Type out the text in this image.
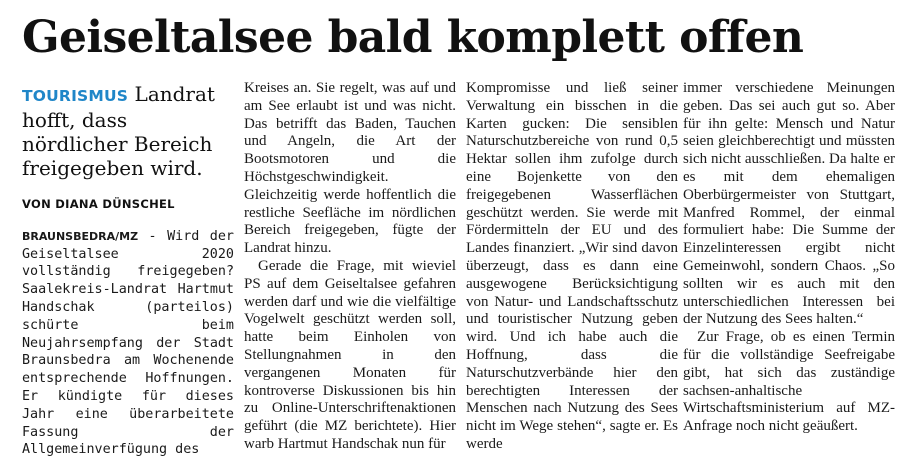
Geiseltalsee bald komplett offen
TOURISMUS Landrat hofft, dass nördlicher Bereich freigegeben wird.
VON DIANA DÜNSCHEL

BRAUNSBEDRA/MZ - Wird der Geiseltalsee 2020 vollständig freigegeben? Saalekreis-Landrat Hartmut Handschak (parteilos) schürte beim Neujahrsempfang der Stadt Braunsbedra am Wochenende entsprechende Hoffnungen. Er kündigte für dieses Jahr eine überarbeitete Fassung der Allgemeinverfügung des

Kreises an. Sie regelt, was auf und am See erlaubt ist und was nicht. Das betrifft das Baden, Tauchen und Angeln, die Art der Bootsmotoren und die Höchstgeschwindigkeit. Gleichzeitig werde hoffentlich die restliche Seefläche im nördlichen Bereich freigegeben, fügte der Landrat hinzu.

Gerade die Frage, mit wieviel PS auf dem Geiseltalsee gefahren werden darf und wie die vielfältige Vogelwelt geschützt werden soll, hatte beim Einholen von Stellungnahmen in den vergangenen Monaten für kontroverse Diskussionen bis hin zu Online-Unterschriftenaktionen geführt (die MZ berichtete). Hier warb Hartmut Handschak nun für

Kompromisse und ließ seiner Verwaltung ein bisschen in die Karten gucken: Die sensiblen Naturschutzbereiche von rund 0,5 Hektar sollen ihm zufolge durch eine Bojenkette von den freigegebenen Wasserflächen geschützt werden. Sie werde mit Fördermitteln der EU und des Landes finanziert. „Wir sind davon überzeugt, dass es dann eine ausgewogene Berücksichtigung von Natur- und Landschaftsschutz und touristischer Nutzung geben wird. Und ich habe auch die Hoffnung, dass die Naturschutzverbände hier den berechtigten Interessen der Menschen nach Nutzung des Sees nicht im Wege stehen“, sagte er. Es werde

immer verschiedene Meinungen geben. Das sei auch gut so. Aber für ihn gelte: Mensch und Natur seien gleichberechtigt und müssten sich nicht ausschließen. Da halte er es mit dem ehemaligen Oberbürgermeister von Stuttgart, Manfred Rommel, der einmal formuliert habe: Die Summe der Einzelinteressen ergibt nicht Gemeinwohl, sondern Chaos. „So sollten wir es auch mit den unterschiedlichen Interessen bei der Nutzung des Sees halten.“

Zur Frage, ob es einen Termin für die vollständige Seefreigabe gibt, hat sich das zuständige sachsen-anhaltische Wirtschaftsministerium auf MZ-Anfrage noch nicht geäußert.
